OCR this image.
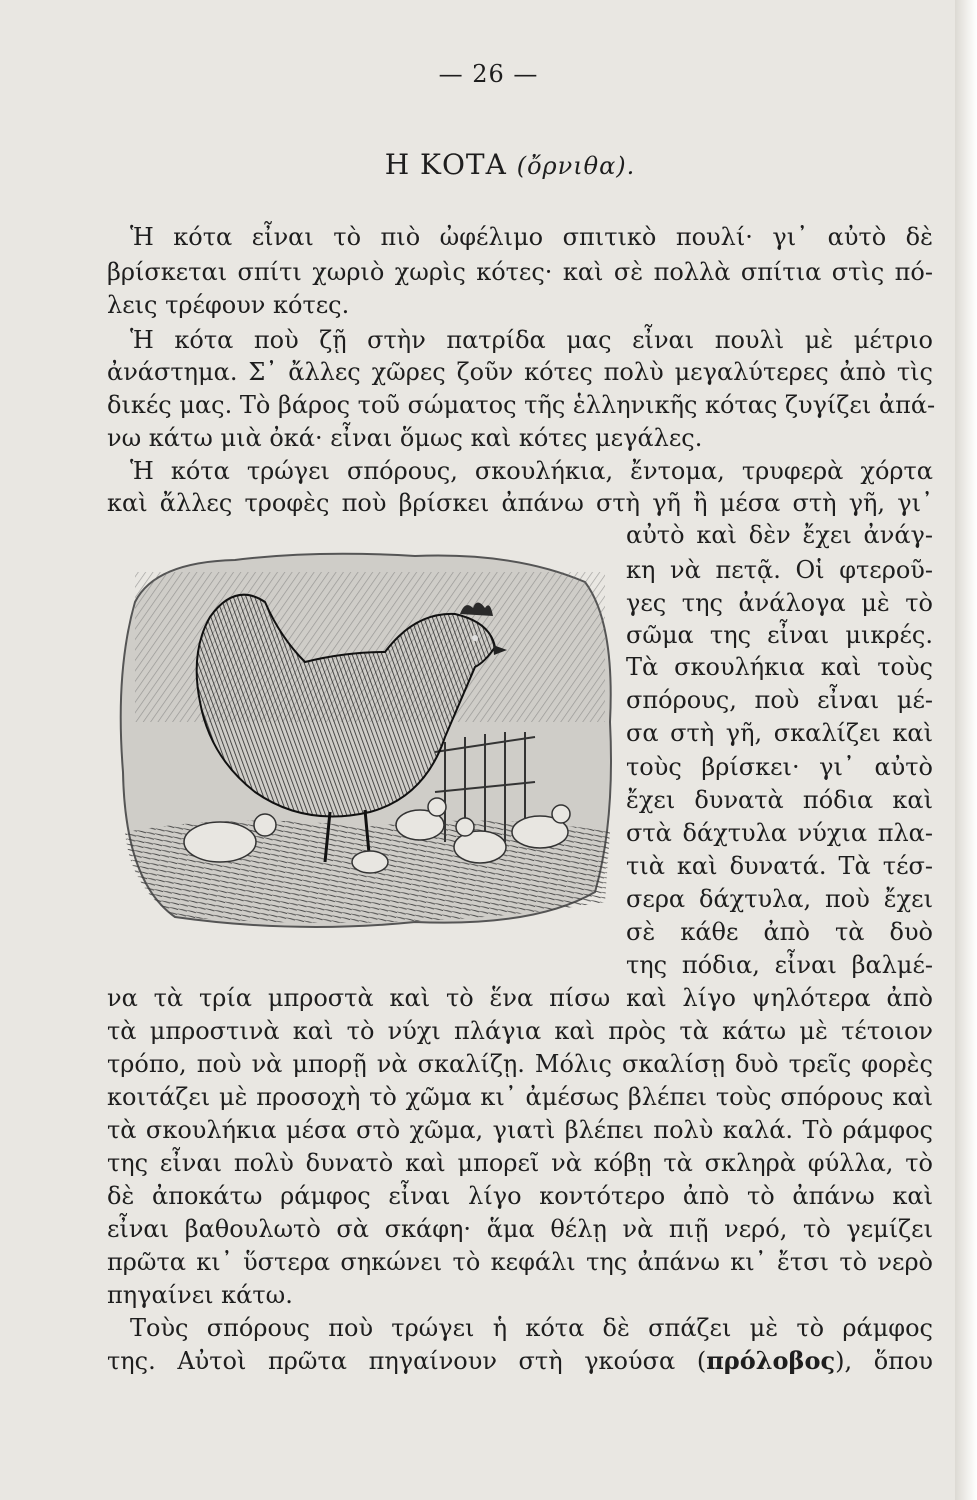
— 26 —
Η ΚΟΤΑ (ὄρνιθα).
Ἡ κότα εἶναι τὸ πιὸ ὠφέλιμο σπιτικὸ πουλί· γι᾽ αὐτὸ δὲ
βρίσκεται σπίτι χωριὸ χωρὶς κότες· καὶ σὲ πολλὰ σπίτια στὶς πό-
λεις τρέφουν κότες.
Ἡ κότα ποὺ ζῇ στὴν πατρίδα μας εἶναι πουλὶ μὲ μέτριο
ἀνάστημα. Σ᾽ ἄλλες χῶρες ζοῦν κότες πολὺ μεγαλύτερες ἀπὸ τὶς
δικές μας. Τὸ βάρος τοῦ σώματος τῆς ἑλληνικῆς κότας ζυγίζει ἀπά-
νω κάτω μιὰ ὀκά· εἶναι ὅμως καὶ κότες μεγάλες.
Ἡ κότα τρώγει σπόρους, σκουλήκια, ἔντομα, τρυφερὰ χόρτα
καὶ ἄλλες τροφὲς ποὺ βρίσκει ἀπάνω στὴ γῆ ἢ μέσα στὴ γῆ, γι᾽
αὐτὸ καὶ δὲν ἔχει ἀνάγ-
κη νὰ πετᾷ. Οἱ φτεροῦ-
γες της ἀνάλογα μὲ τὸ
σῶμα της εἶναι μικρές.
Τὰ σκουλήκια καὶ τοὺς
σπόρους, ποὺ εἶναι μέ-
σα στὴ γῆ, σκαλίζει καὶ
τοὺς βρίσκει· γι᾽ αὐτὸ
ἔχει δυνατὰ πόδια καὶ
στὰ δάχτυλα νύχια πλα-
τιὰ καὶ δυνατά. Τὰ τέσ-
σερα δάχτυλα, ποὺ ἔχει
σὲ κάθε ἀπὸ τὰ δυὸ
της πόδια, εἶναι βαλμέ-
να τὰ τρία μπροστὰ καὶ τὸ ἕνα πίσω καὶ λίγο ψηλότερα ἀπὸ
τὰ μπροστινὰ καὶ τὸ νύχι πλάγια καὶ πρὸς τὰ κάτω μὲ τέτοιον
τρόπο, ποὺ νὰ μπορῇ νὰ σκαλίζῃ. Μόλις σκαλίσῃ δυὸ τρεῖς φορὲς
κοιτάζει μὲ προσοχὴ τὸ χῶμα κι᾽ ἀμέσως βλέπει τοὺς σπόρους καὶ
τὰ σκουλήκια μέσα στὸ χῶμα, γιατὶ βλέπει πολὺ καλά. Τὸ ράμφος
της εἶναι πολὺ δυνατὸ καὶ μπορεῖ νὰ κόβῃ τὰ σκληρὰ φύλλα, τὸ
δὲ ἀποκάτω ράμφος εἶναι λίγο κοντότερο ἀπὸ τὸ ἀπάνω καὶ
εἶναι βαθουλωτὸ σὰ σκάφη· ἅμα θέλῃ νὰ πιῇ νερό, τὸ γεμίζει
πρῶτα κι᾽ ὕστερα σηκώνει τὸ κεφάλι της ἀπάνω κι᾽ ἔτσι τὸ νερὸ
πηγαίνει κάτω.
Τοὺς σπόρους ποὺ τρώγει ἡ κότα δὲ σπάζει μὲ τὸ ράμφος
της. Αὐτοὶ πρῶτα πηγαίνουν στὴ γκούσα (πρόλοβος), ὅπου
